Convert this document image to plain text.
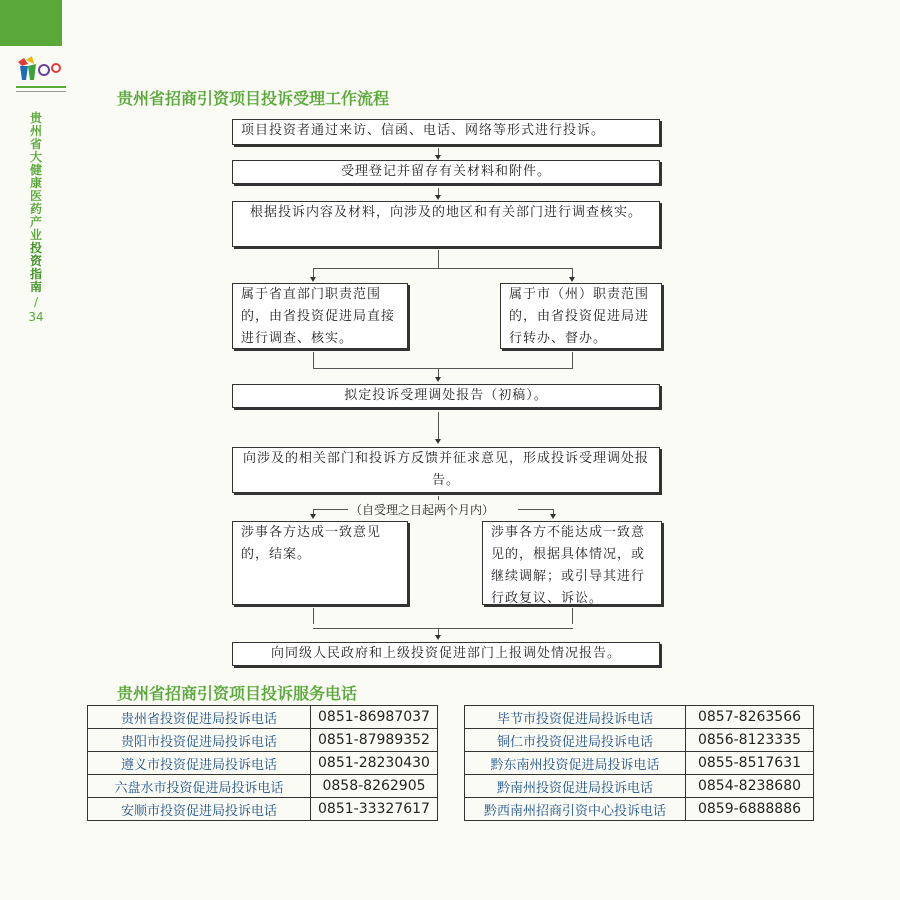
贵
州
省
大
健
康
医
药
产
业
投
资
指
南
/
34
贵州省招商引资项目投诉受理工作流程
项目投资者通过来访、信函、电话、网络等形式进行投诉。
受理登记并留存有关材料和附件。
根据投诉内容及材料，向涉及的地区和有关部门进行调查核实。
属于省直部门职责范围的，由省投资促进局直接进行调查、核实。
属于市（州）职责范围的，由省投资促进局进行转办、督办。
拟定投诉受理调处报告（初稿）。
向涉及的相关部门和投诉方反馈并征求意见，形成投诉受理调处报告。
（自受理之日起两个月内）
涉事各方达成一致意见的，结案。
涉事各方不能达成一致意见的，根据具体情况，或继续调解；或引导其进行行政复议、诉讼。
向同级人民政府和上级投资促进部门上报调处情况报告。
贵州省招商引资项目投诉服务电话
贵州省投资促进局投诉电话	0851-86987037
贵阳市投资促进局投诉电话	0851-87989352
遵义市投资促进局投诉电话	0851-28230430
六盘水市投资促进局投诉电话	0858-8262905
安顺市投资促进局投诉电话	0851-33327617
毕节市投资促进局投诉电话	0857-8263566
铜仁市投资促进局投诉电话	0856-8123335
黔东南州投资促进局投诉电话	0855-8517631
黔南州投资促进局投诉电话	0854-8238680
黔西南州招商引资中心投诉电话	0859-6888886
